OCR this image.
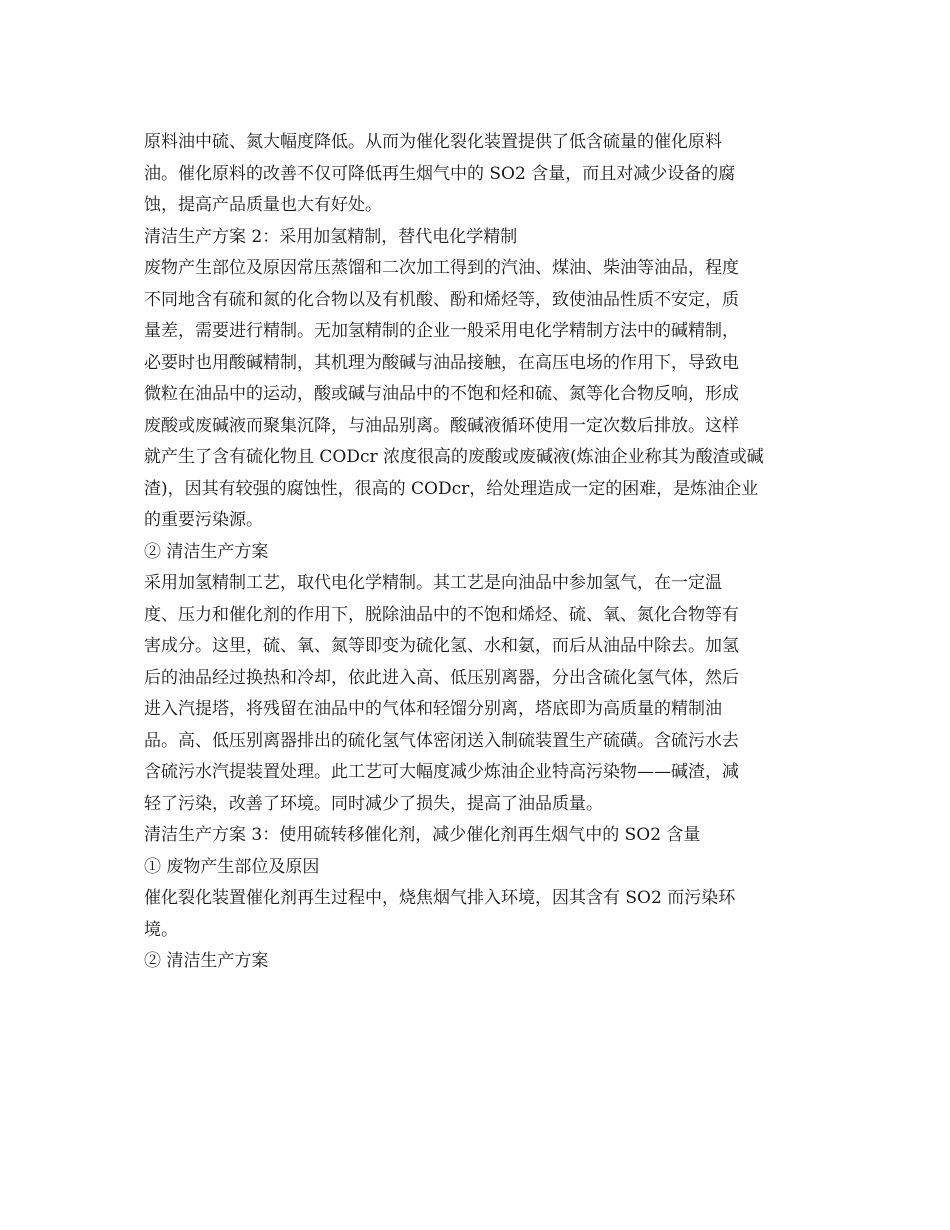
原料油中硫、氮大幅度降低。从而为催化裂化装置提供了低含硫量的催化原料
油。催化原料的改善不仅可降低再生烟气中的 SO2 含量，而且对减少设备的腐
蚀，提高产品质量也大有好处。
清洁生产方案 2：采用加氢精制，替代电化学精制
废物产生部位及原因常压蒸馏和二次加工得到的汽油、煤油、柴油等油品，程度
不同地含有硫和氮的化合物以及有机酸、酚和烯烃等，致使油品性质不安定，质
量差，需要进行精制。无加氢精制的企业一般采用电化学精制方法中的碱精制，
必要时也用酸碱精制，其机理为酸碱与油品接触，在高压电场的作用下，导致电
微粒在油品中的运动，酸或碱与油品中的不饱和烃和硫、氮等化合物反响，形成
废酸或废碱液而聚集沉降，与油品别离。酸碱液循环使用一定次数后排放。这样
就产生了含有硫化物且 CODcr 浓度很高的废酸或废碱液(炼油企业称其为酸渣或碱
渣)，因其有较强的腐蚀性，很高的 CODcr，给处理造成一定的困难，是炼油企业
的重要污染源。
② 清洁生产方案
采用加氢精制工艺，取代电化学精制。其工艺是向油品中参加氢气，在一定温
度、压力和催化剂的作用下，脱除油品中的不饱和烯烃、硫、氧、氮化合物等有
害成分。这里，硫、氧、氮等即变为硫化氢、水和氨，而后从油品中除去。加氢
后的油品经过换热和冷却，依此进入高、低压别离器，分出含硫化氢气体，然后
进入汽提塔，将残留在油品中的气体和轻馏分别离，塔底即为高质量的精制油
品。高、低压别离器排出的硫化氢气体密闭送入制硫装置生产硫磺。含硫污水去
含硫污水汽提装置处理。此工艺可大幅度减少炼油企业特高污染物——碱渣，减
轻了污染，改善了环境。同时减少了损失，提高了油品质量。
清洁生产方案 3：使用硫转移催化剂，减少催化剂再生烟气中的 SO2 含量
① 废物产生部位及原因
催化裂化装置催化剂再生过程中，烧焦烟气排入环境，因其含有 SO2 而污染环
境。
② 清洁生产方案
